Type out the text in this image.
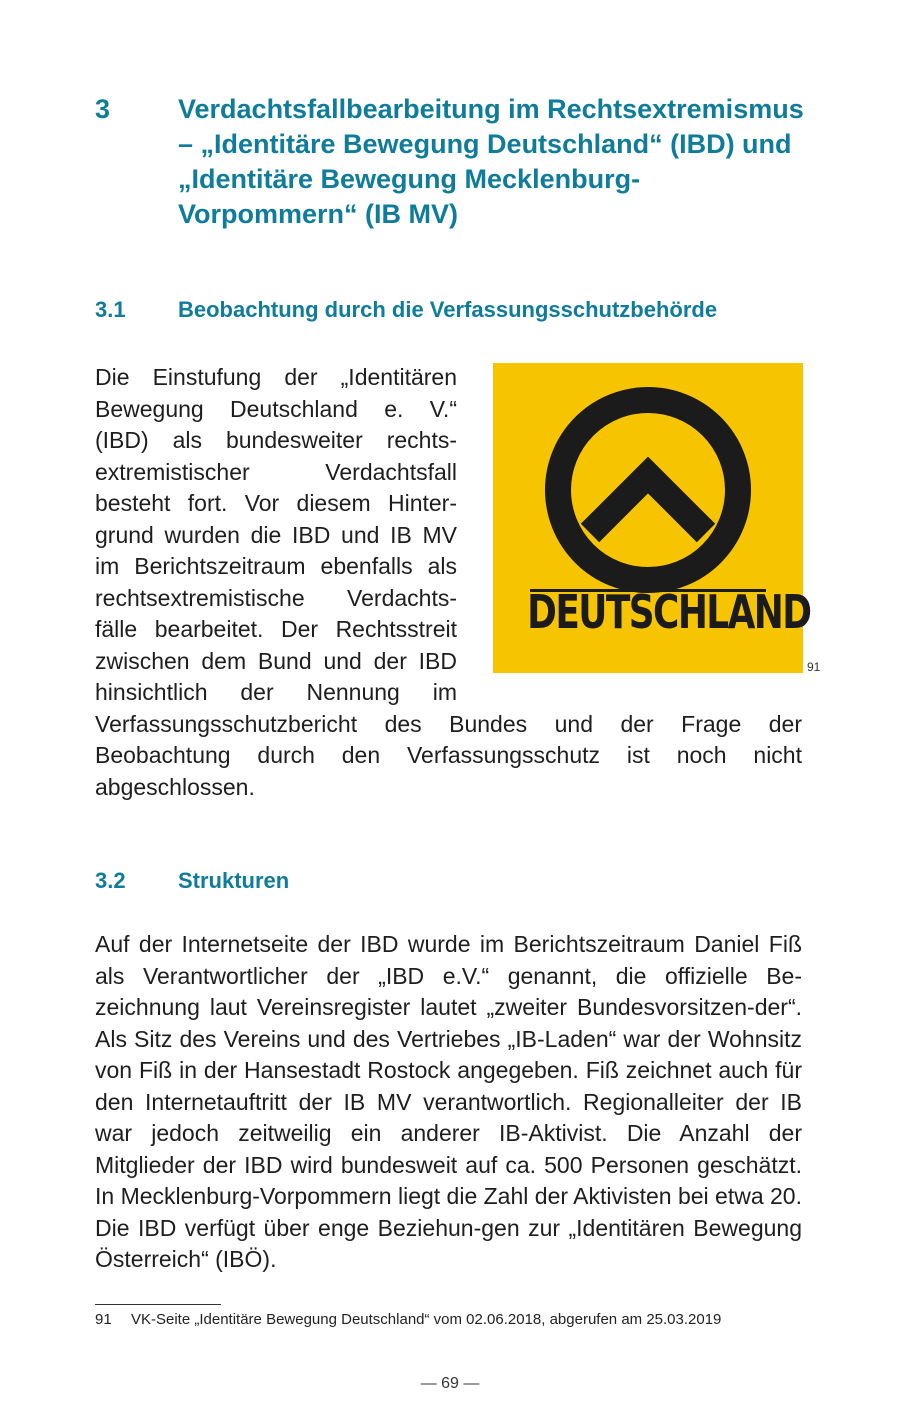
3	Verdachtsfallbearbeitung im Rechtsextremismus – „Identitäre Bewegung Deutschland“ (IBD) und „Identitäre Bewegung Mecklenburg-Vorpommern“ (IB MV)
3.1 Beobachtung durch die Verfassungsschutzbehörde
DEUTSCHLAND
91
Die Einstufung der „Identitären Bewegung Deutschland e. V.“ (IBD) als bundesweiter rechts-extremistischer Verdachtsfall besteht fort. Vor diesem Hinter-grund wurden die IBD und IB MV im Berichtszeitraum ebenfalls als rechtsextremistische Verdachts-fälle bearbeitet. Der Rechtsstreit zwischen dem Bund und der IBD hinsichtlich der Nennung im Verfassungsschutzbericht des Bundes und der Frage der Beobachtung durch den Verfassungsschutz ist noch nicht abgeschlossen.
3.2 Strukturen
Auf der Internetseite der IBD wurde im Berichtszeitraum Daniel Fiß als Verantwortlicher der „IBD e.V.“ genannt, die offizielle Be-zeichnung laut Vereinsregister lautet „zweiter Bundesvorsitzen-der“. Als Sitz des Vereins und des Vertriebes „IB-Laden“ war der Wohnsitz von Fiß in der Hansestadt Rostock angegeben. Fiß zeichnet auch für den Internetauftritt der IB MV verantwortlich. Regionalleiter der IB war jedoch zeitweilig ein anderer IB-Aktivist. Die Anzahl der Mitglieder der IBD wird bundesweit auf ca. 500 Personen geschätzt. In Mecklenburg-Vorpommern liegt die Zahl der Aktivisten bei etwa 20. Die IBD verfügt über enge Beziehun-gen zur „Identitären Bewegung Österreich“ (IBÖ).
91 VK-Seite „Identitäre Bewegung Deutschland“ vom 02.06.2018, abgerufen am 25.03.2019
— 69 —
